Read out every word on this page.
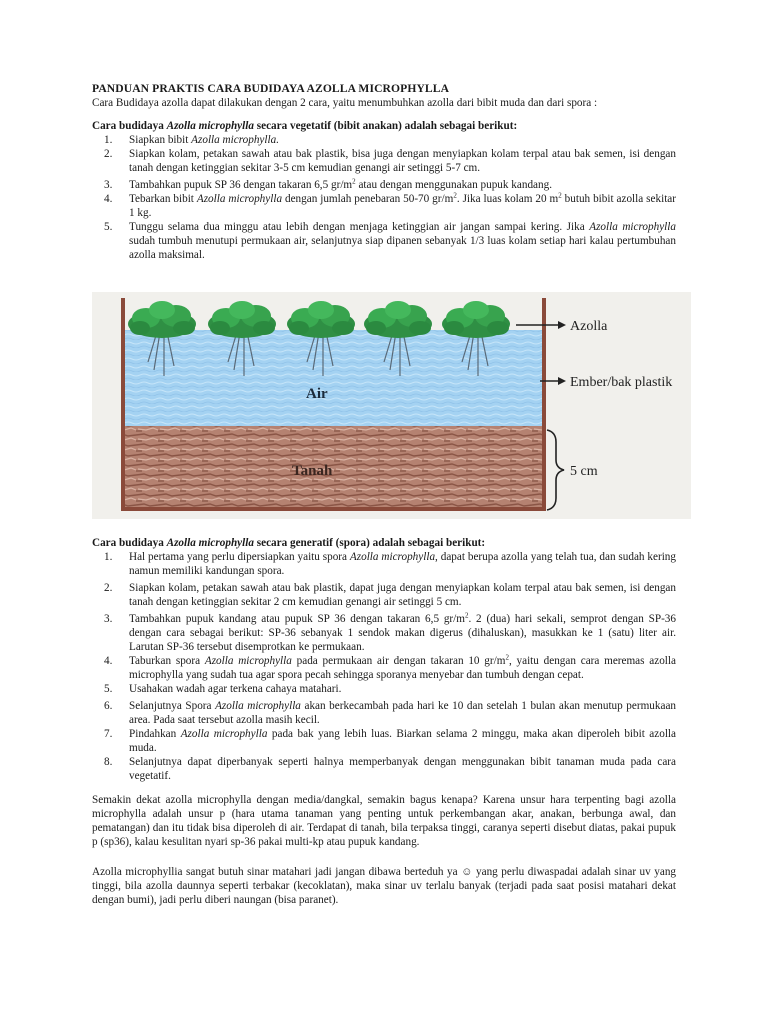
PANDUAN PRAKTIS CARA BUDIDAYA AZOLLA MICROPHYLLA
Cara Budidaya azolla dapat dilakukan dengan 2 cara, yaitu menumbuhkan azolla dari bibit muda dan dari spora :
Cara budidaya Azolla microphylla secara vegetatif (bibit anakan) adalah sebagai berikut:
1. Siapkan bibit Azolla microphylla.
2. Siapkan kolam, petakan sawah atau bak plastik, bisa juga dengan menyiapkan kolam terpal atau bak semen, isi dengan tanah dengan ketinggian sekitar 3-5 cm kemudian genangi air setinggi 5-7 cm.
3. Tambahkan pupuk SP 36 dengan takaran 6,5 $gr/m^2$ atau dengan menggunakan pupuk kandang.
4. Tebarkan bibit Azolla microphylla dengan jumlah penebaran 50-70 $gr/m^2$. Jika luas kolam 20 $m^2$ butuh bibit azolla sekitar 1 kg.
5. Tunggu selama dua minggu atau lebih dengan menjaga ketinggian air jangan sampai kering. Jika Azolla microphylla sudah tumbuh menutupi permukaan air, selanjutnya siap dipanen sebanyak 1/3 luas kolam setiap hari kalau pertumbuhan azolla maksimal.
Azolla
Ember/bak plastik
Air
Tanah	5 cm
Cara budidaya Azolla microphylla secara generatif (spora) adalah sebagai berikut:
1. Hal pertama yang perlu dipersiapkan yaitu spora Azolla microphylla, dapat berupa azolla yang telah tua, dan sudah kering namun memiliki kandungan spora.
2. Siapkan kolam, petakan sawah atau bak plastik, dapat juga dengan menyiapkan kolam terpal atau bak semen, isi dengan tanah dengan ketinggian sekitar 2 cm kemudian genangi air setinggi 5 cm.
3. Tambahkan pupuk kandang atau pupuk SP 36 dengan takaran 6,5 $gr/m^2$. 2 (dua) hari sekali, semprot dengan SP-36 dengan cara sebagai berikut: SP-36 sebanyak 1 sendok makan digerus (dihaluskan), masukkan ke 1 (satu) liter air. Larutan SP-36 tersebut disemprotkan ke permukaan.
4. Taburkan spora Azolla microphylla pada permukaan air dengan takaran 10 $gr/m^2$, yaitu dengan cara meremas azolla microphylla yang sudah tua agar spora pecah sehingga sporanya menyebar dan tumbuh dengan cepat.
5. Usahakan wadah agar terkena cahaya matahari.
6. Selanjutnya Spora Azolla microphylla akan berkecambah pada hari ke 10 dan setelah 1 bulan akan menutup permukaan area. Pada saat tersebut azolla masih kecil.
7. Pindahkan Azolla microphylla pada bak yang lebih luas. Biarkan selama 2 minggu, maka akan diperoleh bibit azolla muda.
8. Selanjutnya dapat diperbanyak seperti halnya memperbanyak dengan menggunakan bibit tanaman muda pada cara vegetatif.
Semakin dekat azolla microphylla dengan media/dangkal, semakin bagus kenapa? Karena unsur hara terpenting bagi azolla microphylla adalah unsur p (hara utama tanaman yang penting untuk perkembangan akar, anakan, berbunga awal, dan pematangan) dan itu tidak bisa diperoleh di air. Terdapat di tanah, bila terpaksa tinggi, caranya seperti disebut diatas, pakai pupuk p (sp36), kalau kesulitan nyari sp-36 pakai multi-kp atau pupuk kandang.
Azolla microphyllia sangat butuh sinar matahari jadi jangan dibawa berteduh ya ☺ yang perlu diwaspadai adalah sinar uv yang tinggi, bila azolla daunnya seperti terbakar (kecoklatan), maka sinar uv terlalu banyak (terjadi pada saat posisi matahari dekat dengan bumi), jadi perlu diberi naungan (bisa paranet).
